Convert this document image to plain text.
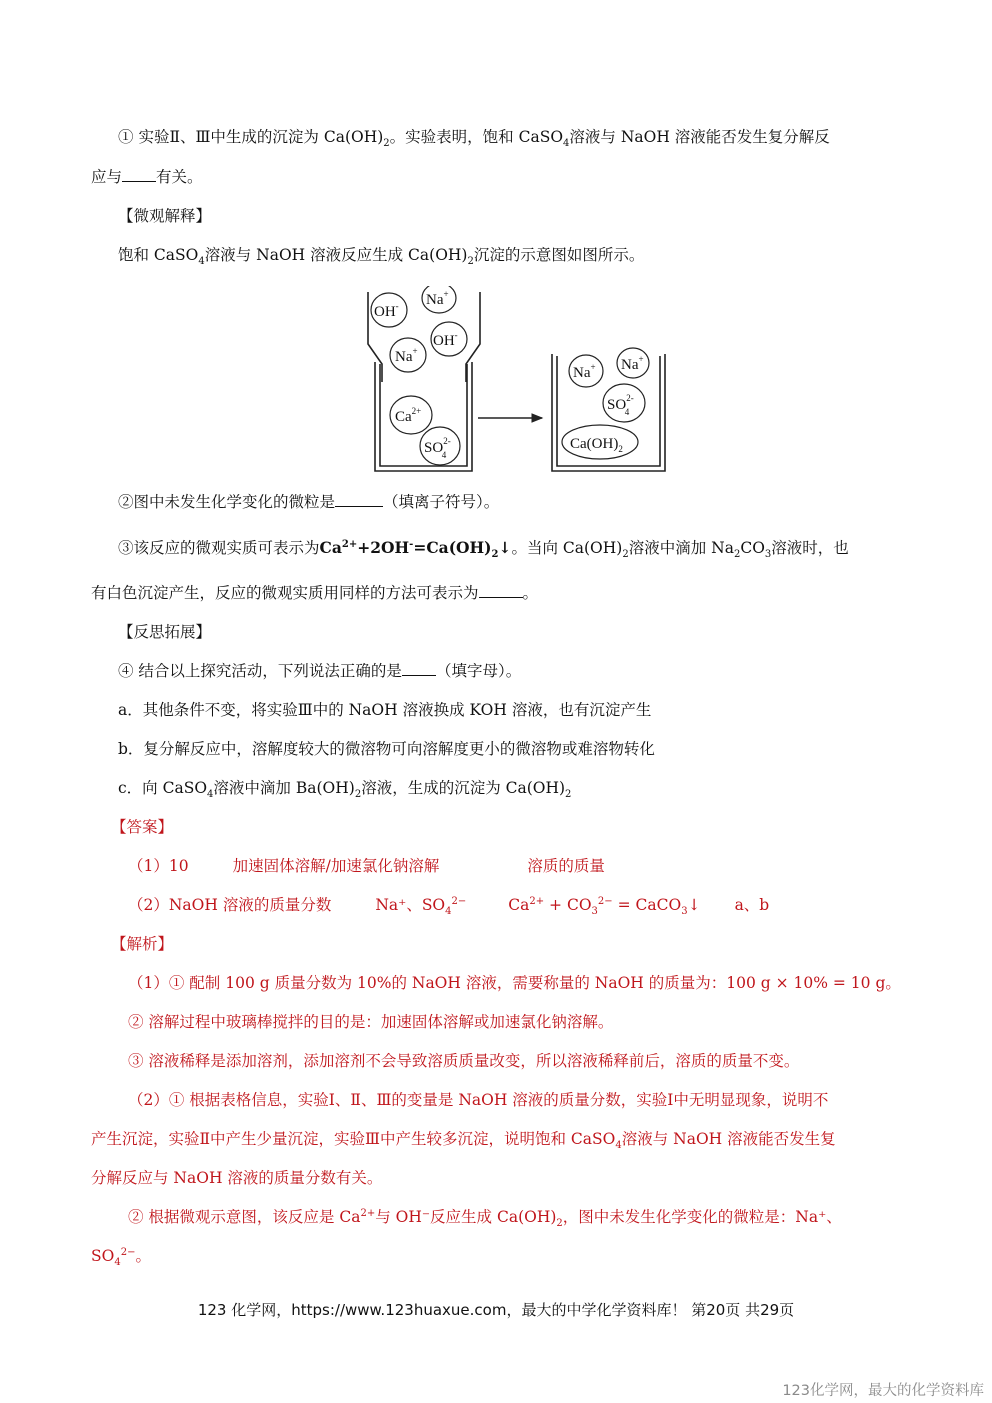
① 实验Ⅱ、Ⅲ中生成的沉淀为 $Ca(OH)_2$。实验表明，饱和 CaSO$_4$溶液与 NaOH 溶液能否发生复分解反
应与 有关。
【微观解释】
饱和 CaSO$_4$溶液与 NaOH 溶液反应生成 $Ca(OH)_2$沉淀的示意图如图所示。
OH- Na+
OH-
Na+
$Ca^{2+}$
$SO^{2-}4$
Na+ Na+
$SO^{2-}4$
$Ca(OH)_2$
②图中未发生化学变化的微粒是	（填离子符号）。
③该反应的微观实质可表示为$Ca^{2+}+2OH^-=Ca(OH)_2↓$。当向 $Ca(OH)_2$溶液中滴加 $Na_2CO_3$溶液时，也
有白色沉淀产生，反应的微观实质用同样的方法可表示为	。
【反思拓展】
④ 结合以上探究活动，下列说法正确的是 （填字母）。
a．其他条件不变，将实验Ⅲ中的 NaOH 溶液换成 KOH 溶液，也有沉淀产生
b．复分解反应中，溶解度较大的微溶物可向溶解度更小的微溶物或难溶物转化
c．向 CaSO$_4$溶液中滴加 $Ba(OH)_2$溶液，生成的沉淀为 $Ca(OH)_2$
【答案】
（1）10	加速固体溶解/加速氯化钠溶解	溶质的质量
（2）NaOH 溶液的质量分数	Na⁺、$SO_4^{2-}$	$Ca^{2+} + CO_3^{2-}$ = CaCO$_3$↓ a、b
【解析】
（1）① 配制 100 g 质量分数为 10%的 NaOH 溶液，需要称量的 NaOH 的质量为：100 g × 10% = 10 g。
② 溶解过程中玻璃棒搅拌的目的是：加速固体溶解或加速氯化钠溶解。
③ 溶液稀释是添加溶剂，添加溶剂不会导致溶质质量改变，所以溶液稀释前后，溶质的质量不变。
（2）① 根据表格信息，实验Ⅰ、Ⅱ、Ⅲ的变量是 NaOH 溶液的质量分数，实验Ⅰ中无明显现象，说明不
产生沉淀，实验Ⅱ中产生少量沉淀，实验Ⅲ中产生较多沉淀，说明饱和 CaSO$_4$溶液与 NaOH 溶液能否发生复
分解反应与 NaOH 溶液的质量分数有关。
② 根据微观示意图，该反应是 $Ca^{2+}$与 OH⁻反应生成 $Ca(OH)_2$，图中未发生化学变化的微粒是：Na⁺、
$SO_4^{2-}$。
123 化学网，https://www.123huaxue.com，最大的中学化学资料库！ 第20页 共29页
123化学网，最大的化学资料库
